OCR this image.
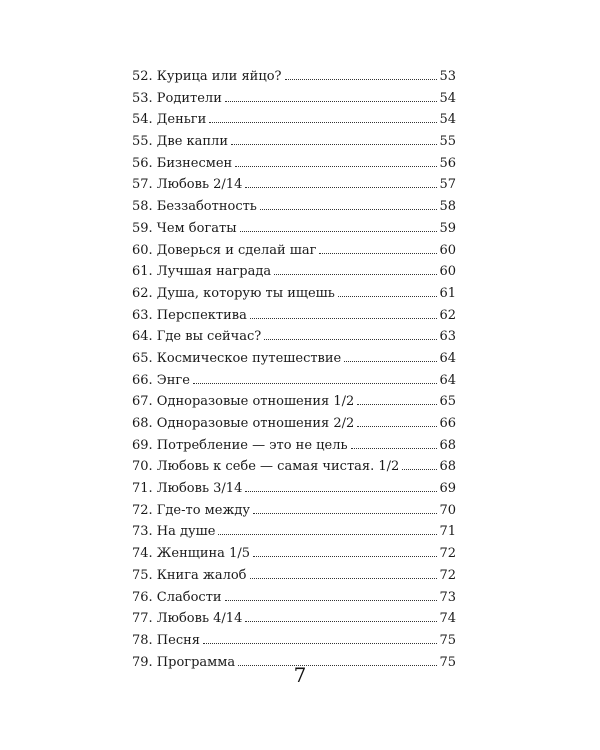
52. Курица или яйцо?	53
53. Родители	54
54. Деньги	54
55. Две капли	55
56. Бизнесмен	56
57. Любовь 2/14	57
58. Беззаботность	58
59. Чем богаты	59
60. Доверься и сделай шаг	60
61. Лучшая награда	60
62. Душа, которую ты ищешь	61
63. Перспектива	62
64. Где вы сейчас?	63
65. Космическое путешествие	64
66. Энге	64
67. Одноразовые отношения 1/2	65
68. Одноразовые отношения 2/2	66
69. Потребление — это не цель	68
70. Любовь к себе — самая чистая. 1/2	68
71. Любовь 3/14	69
72. Где-то между	70
73. На душе	71
74. Женщина 1/5	72
75. Книга жалоб	72
76. Слабости	73
77. Любовь 4/14	74
78. Песня	75
79. Программа	75
7
